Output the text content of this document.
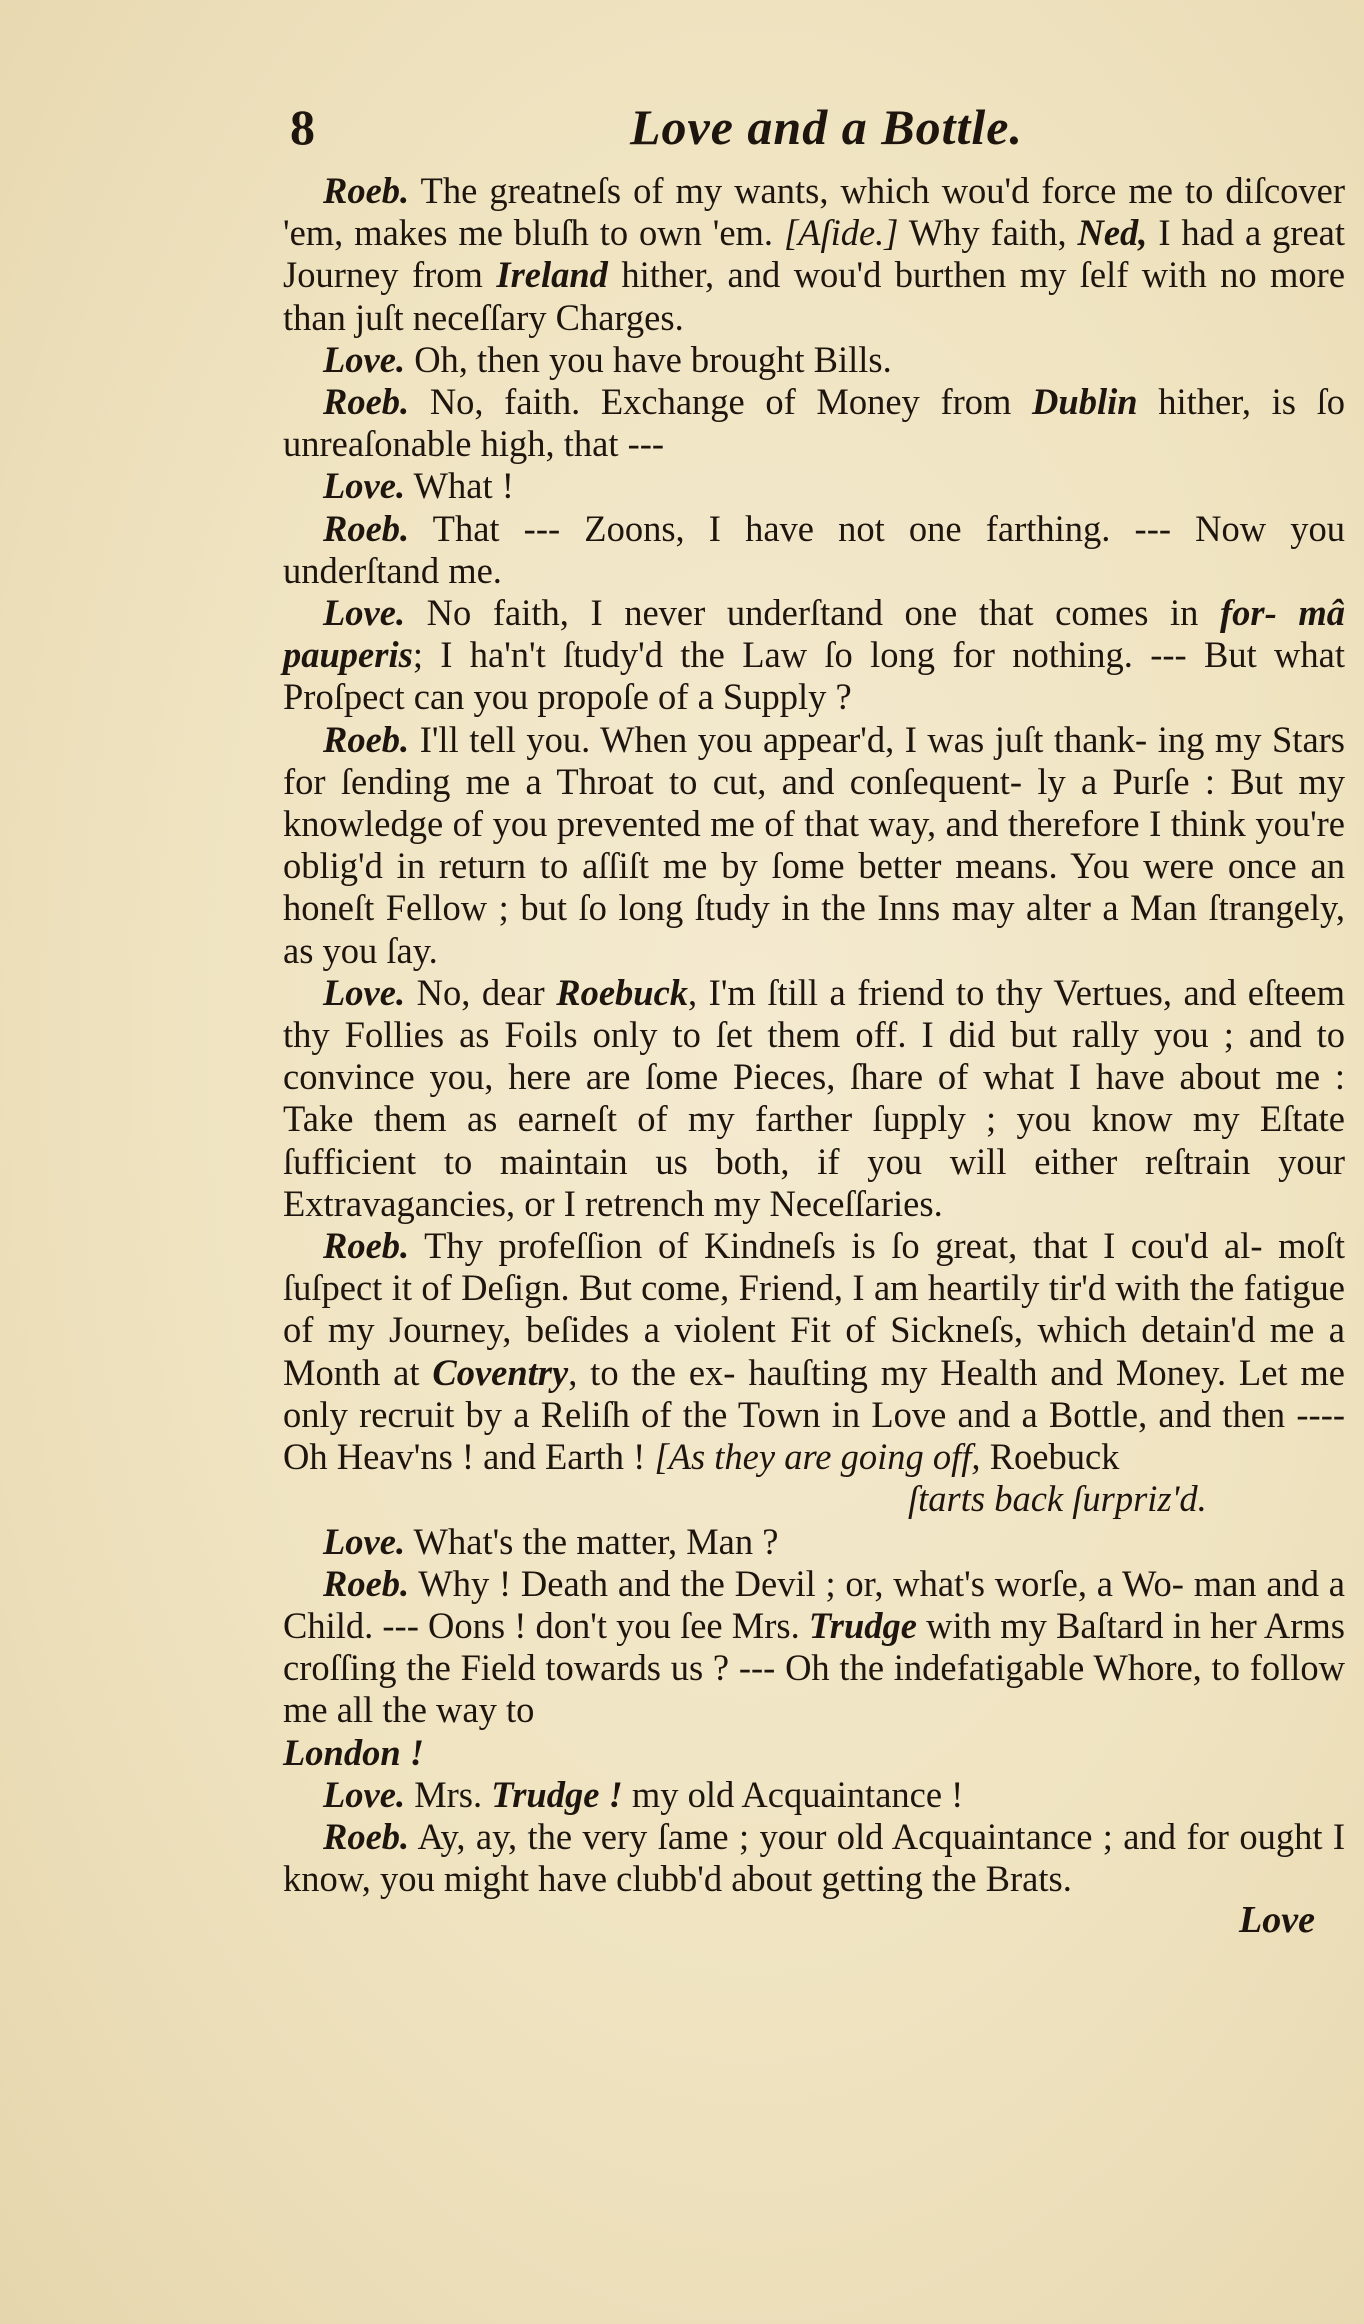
8	Love and a Bottle.

Roeb. The greatneſs of my wants, which wou'd force me to diſcover 'em, makes me bluſh to own 'em. [Aſide.] Why faith, Ned, I had a great Journey from Ireland hither, and wou'd burthen my ſelf with no more than juſt neceſſary Charges.

Love. Oh, then you have brought Bills.

Roeb. No, faith. Exchange of Money from Dublin hither, is ſo unreaſonable high, that ---

Love. What !

Roeb. That --- Zoons, I have not one farthing. --- Now you underſtand me.

Love. No faith, I never underſtand one that comes in for- mâ pauperis; I ha'n't ſtudy'd the Law ſo long for nothing. --- But what Proſpect can you propoſe of a Supply ?

Roeb. I'll tell you. When you appear'd, I was juſt thank- ing my Stars for ſending me a Throat to cut, and conſequent- ly a Purſe : But my knowledge of you prevented me of that way, and therefore I think you're oblig'd in return to aſſiſt me by ſome better means. You were once an honeſt Fellow ; but ſo long ſtudy in the Inns may alter a Man ſtrangely, as you ſay.

Love. No, dear Roebuck, I'm ſtill a friend to thy Vertues, and eſteem thy Follies as Foils only to ſet them off. I did but rally you ; and to convince you, here are ſome Pieces, ſhare of what I have about me : Take them as earneſt of my farther ſupply ; you know my Eſtate ſufficient to maintain us both, if you will either reſtrain your Extravagancies, or I retrench my Neceſſaries.

Roeb. Thy profeſſion of Kindneſs is ſo great, that I cou'd al- moſt ſuſpect it of Deſign. But come, Friend, I am heartily tir'd with the fatigue of my Journey, beſides a violent Fit of Sickneſs, which detain'd me a Month at Coventry, to the ex- hauſting my Health and Money. Let me only recruit by a Reliſh of the Town in Love and a Bottle, and then ---- Oh Heav'ns ! and Earth ! [As they are going off, Roebuck

ſtarts back ſurpriz'd.

Love. What's the matter, Man ?

Roeb. Why ! Death and the Devil ; or, what's worſe, a Wo- man and a Child. --- Oons ! don't you ſee Mrs. Trudge with my Baſtard in her Arms croſſing the Field towards us ? --- Oh the indefatigable Whore, to follow me all the way to
London !

Love. Mrs. Trudge ! my old Acquaintance !

Roeb. Ay, ay, the very ſame ; your old Acquaintance ; and for ought I know, you might have clubb'd about getting the Brats.

Love
